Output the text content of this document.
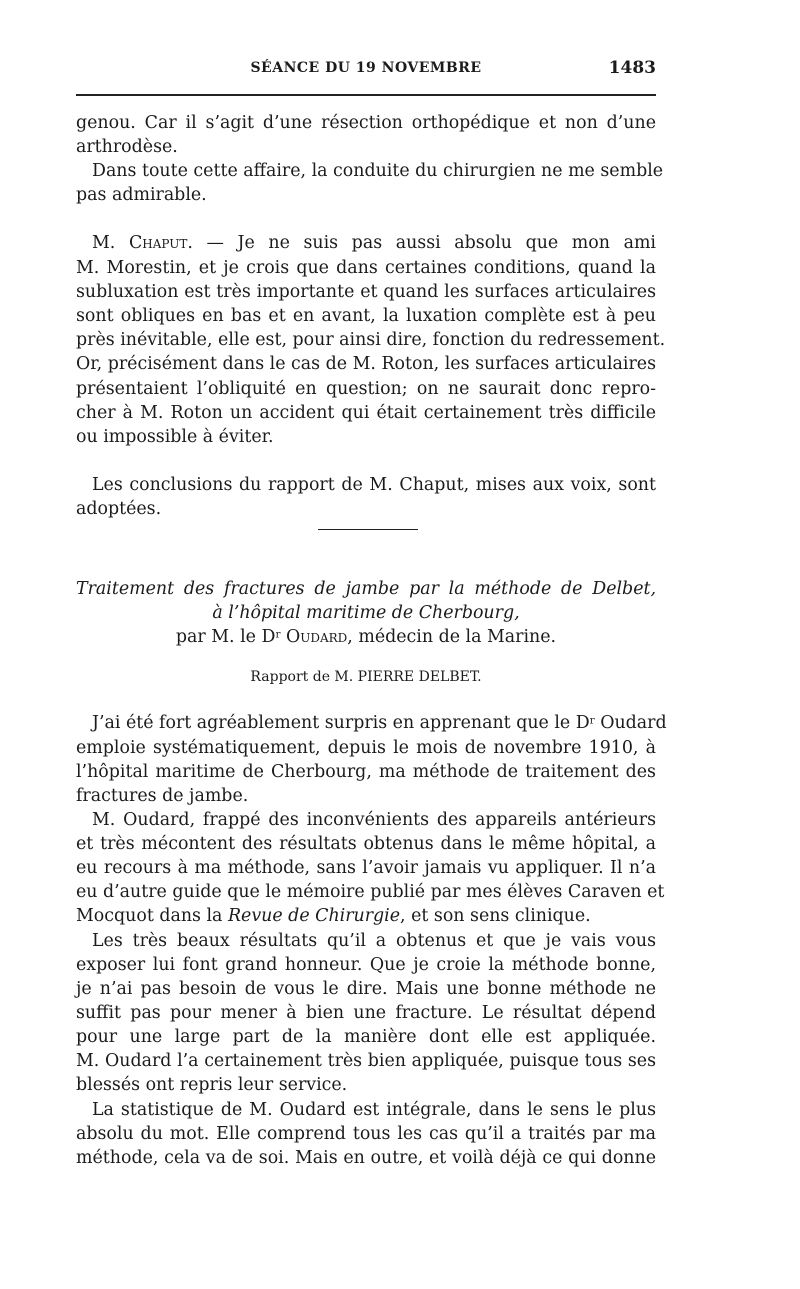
SÉANCE DU 19 NOVEMBRE	1483
genou. Car il s’agit d’une résection orthopédique et non d’une
arthrodèse.
Dans toute cette affaire, la conduite du chirurgien ne me semble
pas admirable.
M. Chaput. — Je ne suis pas aussi absolu que mon ami
M. Morestin, et je crois que dans certaines conditions, quand la
subluxation est très importante et quand les surfaces articulaires
sont obliques en bas et en avant, la luxation complète est à peu
près inévitable, elle est, pour ainsi dire, fonction du redressement.
Or, précisément dans le cas de M. Roton, les surfaces articulaires
présentaient l’obliquité en question; on ne saurait donc repro-
cher à M. Roton un accident qui était certainement très difficile
ou impossible à éviter.
Les conclusions du rapport de M. Chaput, mises aux voix, sont
adoptées.
Traitement des fractures de jambe par la méthode de Delbet,
à l’hôpital maritime de Cherbourg,
par M. le $D^r$ Oudard, médecin de la Marine.
Rapport de M. PIERRE DELBET.
J’ai été fort agréablement surpris en apprenant que le $D^r$ Oudard
emploie systématiquement, depuis le mois de novembre 1910, à
l’hôpital maritime de Cherbourg, ma méthode de traitement des
fractures de jambe.
M. Oudard, frappé des inconvénients des appareils antérieurs
et très mécontent des résultats obtenus dans le même hôpital, a
eu recours à ma méthode, sans l’avoir jamais vu appliquer. Il n’a
eu d’autre guide que le mémoire publié par mes élèves Caraven et
Mocquot dans la Revue de Chirurgie, et son sens clinique.
Les très beaux résultats qu’il a obtenus et que je vais vous
exposer lui font grand honneur. Que je croie la méthode bonne,
je n’ai pas besoin de vous le dire. Mais une bonne méthode ne
suffit pas pour mener à bien une fracture. Le résultat dépend
pour une large part de la manière dont elle est appliquée.
M. Oudard l’a certainement très bien appliquée, puisque tous ses
blessés ont repris leur service.
La statistique de M. Oudard est intégrale, dans le sens le plus
absolu du mot. Elle comprend tous les cas qu’il a traités par ma
méthode, cela va de soi. Mais en outre, et voilà déjà ce qui donne
